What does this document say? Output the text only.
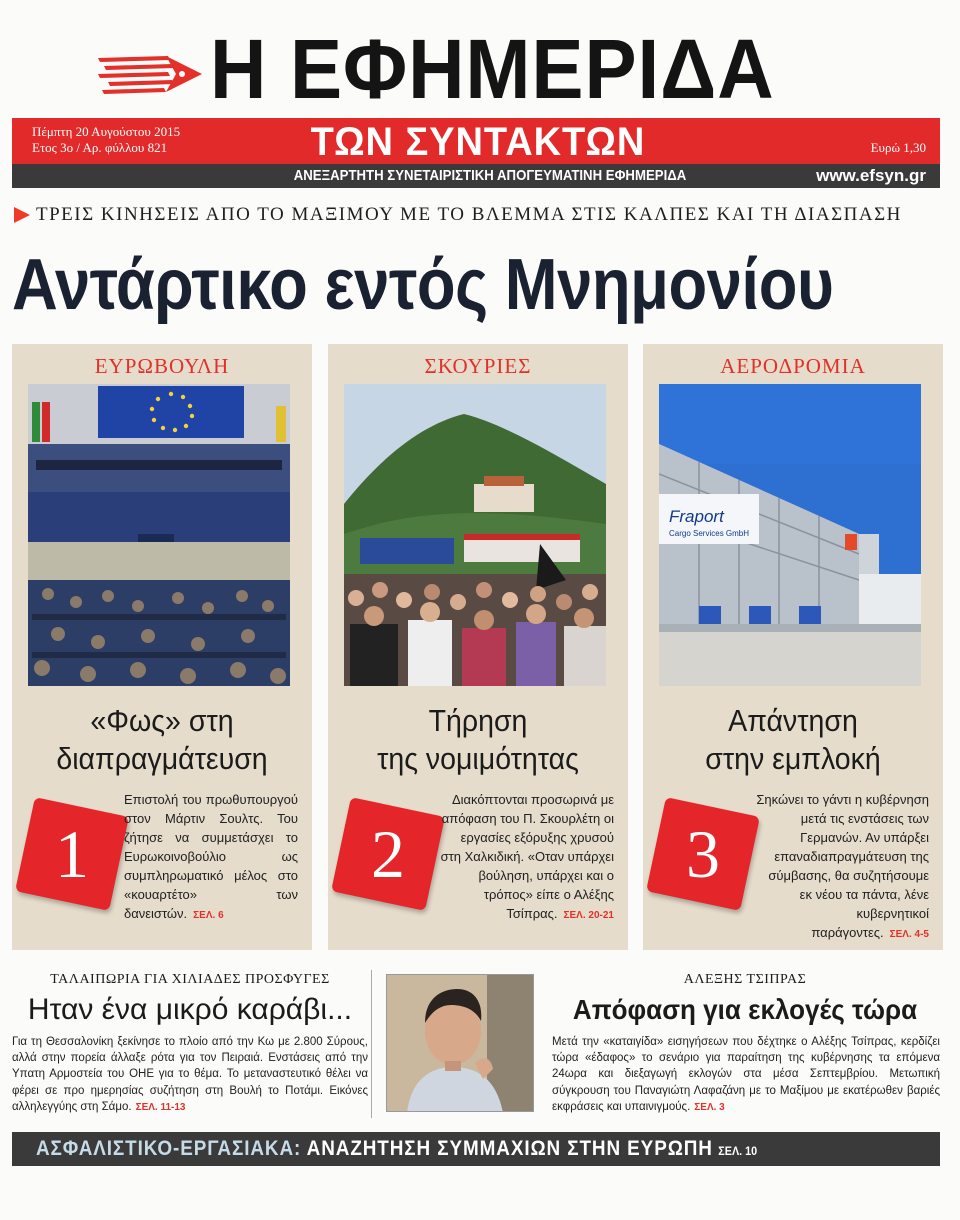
Η ΕΦΗΜΕΡΙΔΑ
Πέμπτη 20 Αυγούστου 2015
Ετος 3ο / Αρ. φύλλου 821	ΤΩΝ ΣΥΝΤΑΚΤΩΝ	Ευρώ 1,30
ΑΝΕΞΑΡΤΗΤΗ ΣΥΝΕΤΑΙΡΙΣΤΙΚΗ ΑΠΟΓΕΥΜΑΤΙΝΗ ΕΦΗΜΕΡΙΔΑ	www.efsyn.gr
ΤΡΕΙΣ ΚΙΝΗΣΕΙΣ ΑΠΟ ΤΟ ΜΑΞΙΜΟΥ ΜΕ ΤΟ ΒΛΕΜΜΑ ΣΤΙΣ ΚΑΛΠΕΣ ΚΑΙ ΤΗ ΔΙΑΣΠΑΣΗ
Αντάρτικο εντός Μνημονίου
ΕΥΡΩΒΟΥΛΗ
«Φως» στη
διαπραγμάτευση
1
Επιστολή του πρωθυπουργού στον Μάρτιν Σουλτς. Του ζήτησε να συμμετάσχει το Ευρωκοινοβούλιο ως συμπληρωματικό μέλος στο «κουαρτέτο» των δανειστών. ΣΕΛ. 6
ΣΚΟΥΡΙΕΣ
Τήρηση
της νομιμότητας
2
Διακόπτονται προσωρινά με απόφαση του Π. Σκουρλέτη οι εργασίες εξόρυξης χρυσού στη Χαλκιδική. «Οταν υπάρχει βούληση, υπάρχει και ο τρόπος» είπε ο Αλέξης Τσίπρας. ΣΕΛ. 20-21
ΑΕΡΟΔΡΟΜΙΑ
Fraport
Cargo Services GmbH
Απάντηση
στην εμπλοκή
3
Σηκώνει το γάντι η κυβέρνηση μετά τις ενστάσεις των Γερμανών. Αν υπάρξει επαναδιαπραγμάτευση της σύμβασης, θα συζητήσουμε εκ νέου τα πάντα, λένε κυβερνητικοί παράγοντες. ΣΕΛ. 4-5
ΤΑΛΑΙΠΩΡΙΑ ΓΙΑ ΧΙΛΙΑΔΕΣ ΠΡΟΣΦΥΓΕΣ
Ηταν ένα μικρό καράβι...
Για τη Θεσσαλονίκη ξεκίνησε το πλοίο από την Κω με 2.800 Σύρους, αλλά στην πορεία άλλαξε ρότα για τον Πειραιά. Ενστάσεις από την Υπατη Αρμοστεία του ΟΗΕ για το θέμα. Το μεταναστευτικό θέλει να φέρει σε προ ημερησίας συζήτηση στη Βουλή το Ποτάμι. Εικόνες αλληλεγγύης στη Σάμο. ΣΕΛ. 11-13
ΑΛΕΞΗΣ ΤΣΙΠΡΑΣ
Απόφαση για εκλογές τώρα
Μετά την «καταιγίδα» εισηγήσεων που δέχτηκε ο Αλέξης Τσίπρας, κερδίζει τώρα «έδαφος» το σενάριο για παραίτηση της κυβέρνησης τα επόμενα 24ωρα και διεξαγωγή εκλογών στα μέσα Σεπτεμβρίου. Μετωπική σύγκρουση του Παναγιώτη Λαφαζάνη με το Μαξίμου με εκατέρωθεν βαριές εκφράσεις και υπαινιγμούς. ΣΕΛ. 3
ΑΣΦΑΛΙΣΤΙΚΟ-ΕΡΓΑΣΙΑΚΑ: ΑΝΑΖΗΤΗΣΗ ΣΥΜΜΑΧΙΩΝ ΣΤΗΝ ΕΥΡΩΠΗ ΣΕΛ. 10
